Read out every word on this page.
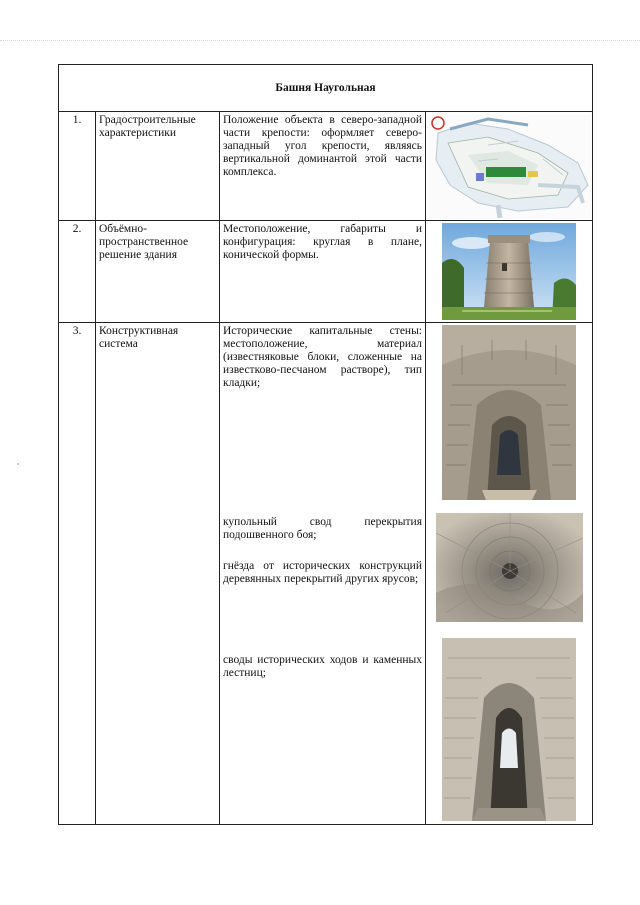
Башня Наугольная			
1.	Градостроительные характеристики	Положение объекта в северо-западной части крепости: оформляет северо-западный угол крепости, являясь вертикальной доминантой этой части комплекса.	

2.	Объёмно-пространственное решение здания	Местоположение, габариты и конфигурация: круглая в плане, конической формы.	

3.	Конструктивная система	Исторические капитальные стены: местоположение, материал (известняковые блоки, сложенные на известково-песчаном растворе), тип кладки;

купольный свод перекрытия подошвенного боя;

гнёзда от исторических конструкций деревянных перекрытий других ярусов;

своды исторических ходов и каменных лестниц;
